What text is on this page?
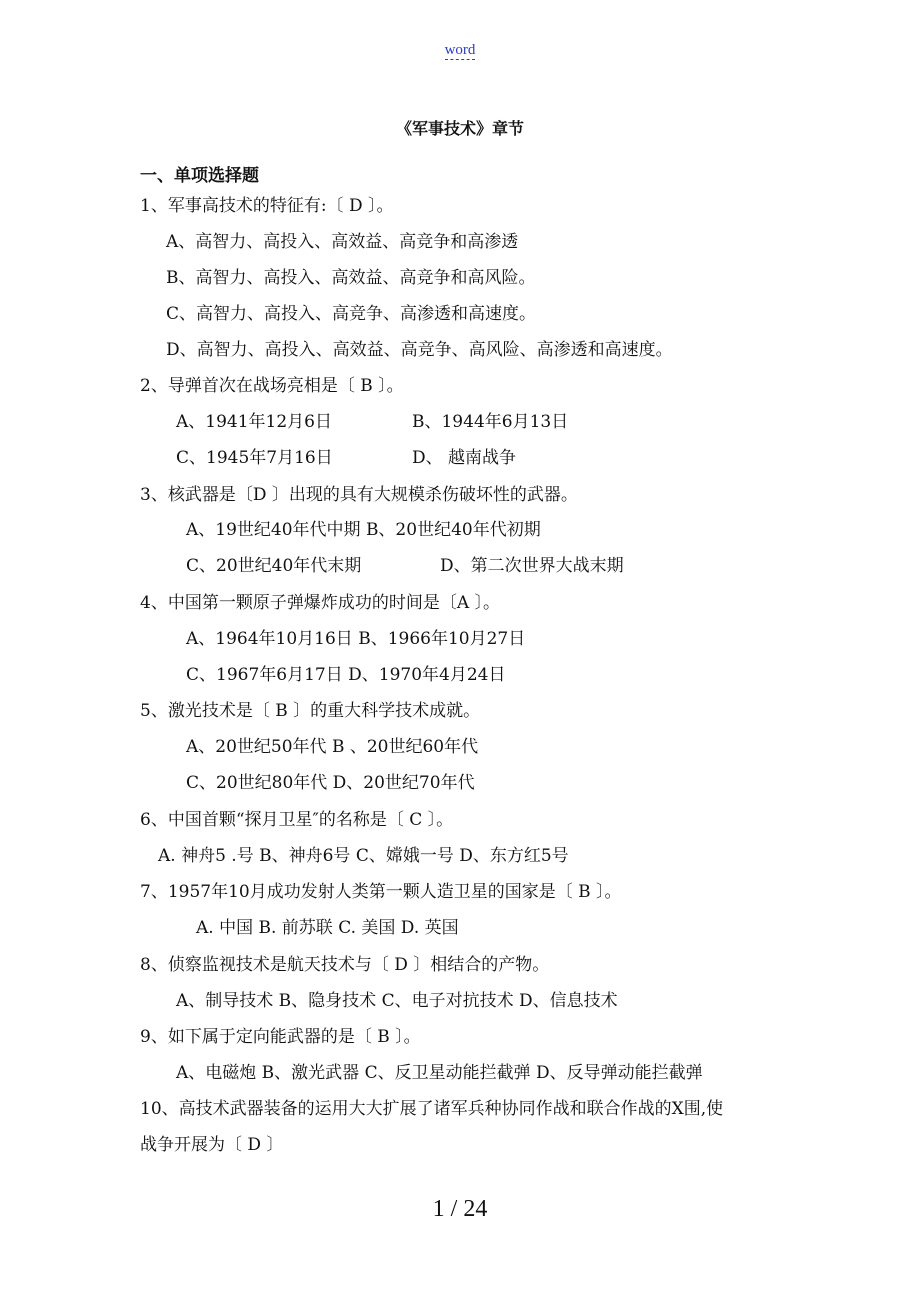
word
《军事技术》章节
一、单项选择题
1、军事高技术的特征有:〔 D 〕。
A、高智力、高投入、高效益、高竞争和高渗透
B、高智力、高投入、高效益、高竞争和高风险。
C、高智力、高投入、高竞争、高渗透和高速度。
D、高智力、高投入、高效益、高竞争、高风险、高渗透和高速度。
2、导弹首次在战场亮相是〔 B 〕。
A、1941年12月6日	B、1944年6月13日
C、1945年7月16日	D、 越南战争
3、核武器是〔D 〕出现的具有大规模杀伤破坏性的武器。
A、19世纪40年代中期 B、20世纪40年代初期
C、20世纪40年代末期	D、第二次世界大战末期
4、中国第一颗原子弹爆炸成功的时间是〔A 〕。
A、1964年10月16日 B、1966年10月27日
C、1967年6月17日 D、1970年4月24日
5、激光技术是〔 B 〕的重大科学技术成就。
A、20世纪50年代 B 、20世纪60年代
C、20世纪80年代 D、20世纪70年代
6、中国首颗“探月卫星″的名称是〔 C 〕。
A. 神舟5 .号 B、神舟6号 C、嫦娥一号 D、东方红5号
7、1957年10月成功发射人类第一颗人造卫星的国家是〔 B 〕。
A. 中国 B. 前苏联 C. 美国 D. 英国
8、侦察监视技术是航天技术与〔 D 〕相结合的产物。
A、制导技术 B、隐身技术 C、电子对抗技术 D、信息技术
9、如下属于定向能武器的是〔 B 〕。
A、电磁炮 B、激光武器 C、反卫星动能拦截弹 D、反导弹动能拦截弹
10、高技术武器装备的运用大大扩展了诸军兵种协同作战和联合作战的X围,使
战争开展为〔 D 〕
1 / 24
